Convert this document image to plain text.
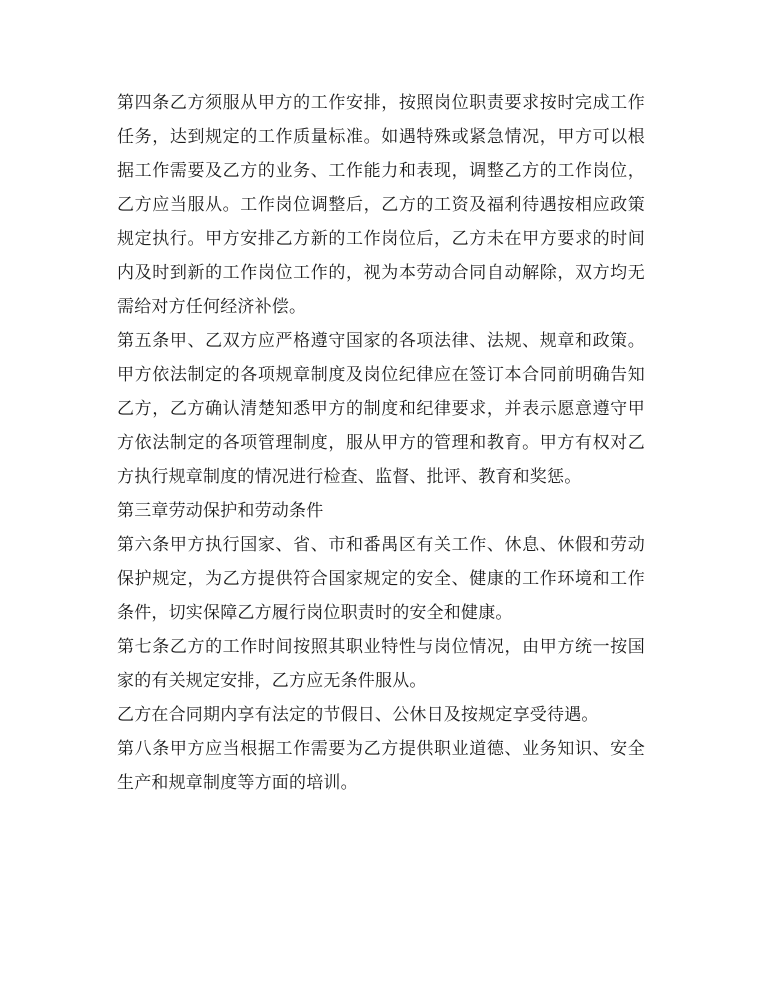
第四条乙方须服从甲方的工作安排，按照岗位职责要求按时完成工作任务，达到规定的工作质量标准。如遇特殊或紧急情况，甲方可以根据工作需要及乙方的业务、工作能力和表现，调整乙方的工作岗位，乙方应当服从。工作岗位调整后，乙方的工资及福利待遇按相应政策规定执行。甲方安排乙方新的工作岗位后，乙方未在甲方要求的时间内及时到新的工作岗位工作的，视为本劳动合同自动解除，双方均无需给对方任何经济补偿。

第五条甲、乙双方应严格遵守国家的各项法律、法规、规章和政策。甲方依法制定的各项规章制度及岗位纪律应在签订本合同前明确告知乙方，乙方确认清楚知悉甲方的制度和纪律要求，并表示愿意遵守甲方依法制定的各项管理制度，服从甲方的管理和教育。甲方有权对乙方执行规章制度的情况进行检查、监督、批评、教育和奖惩。

第三章劳动保护和劳动条件

第六条甲方执行国家、省、市和番禺区有关工作、休息、休假和劳动保护规定，为乙方提供符合国家规定的安全、健康的工作环境和工作条件，切实保障乙方履行岗位职责时的安全和健康。

第七条乙方的工作时间按照其职业特性与岗位情况，由甲方统一按国家的有关规定安排，乙方应无条件服从。

乙方在合同期内享有法定的节假日、公休日及按规定享受待遇。

第八条甲方应当根据工作需要为乙方提供职业道德、业务知识、安全生产和规章制度等方面的培训。
